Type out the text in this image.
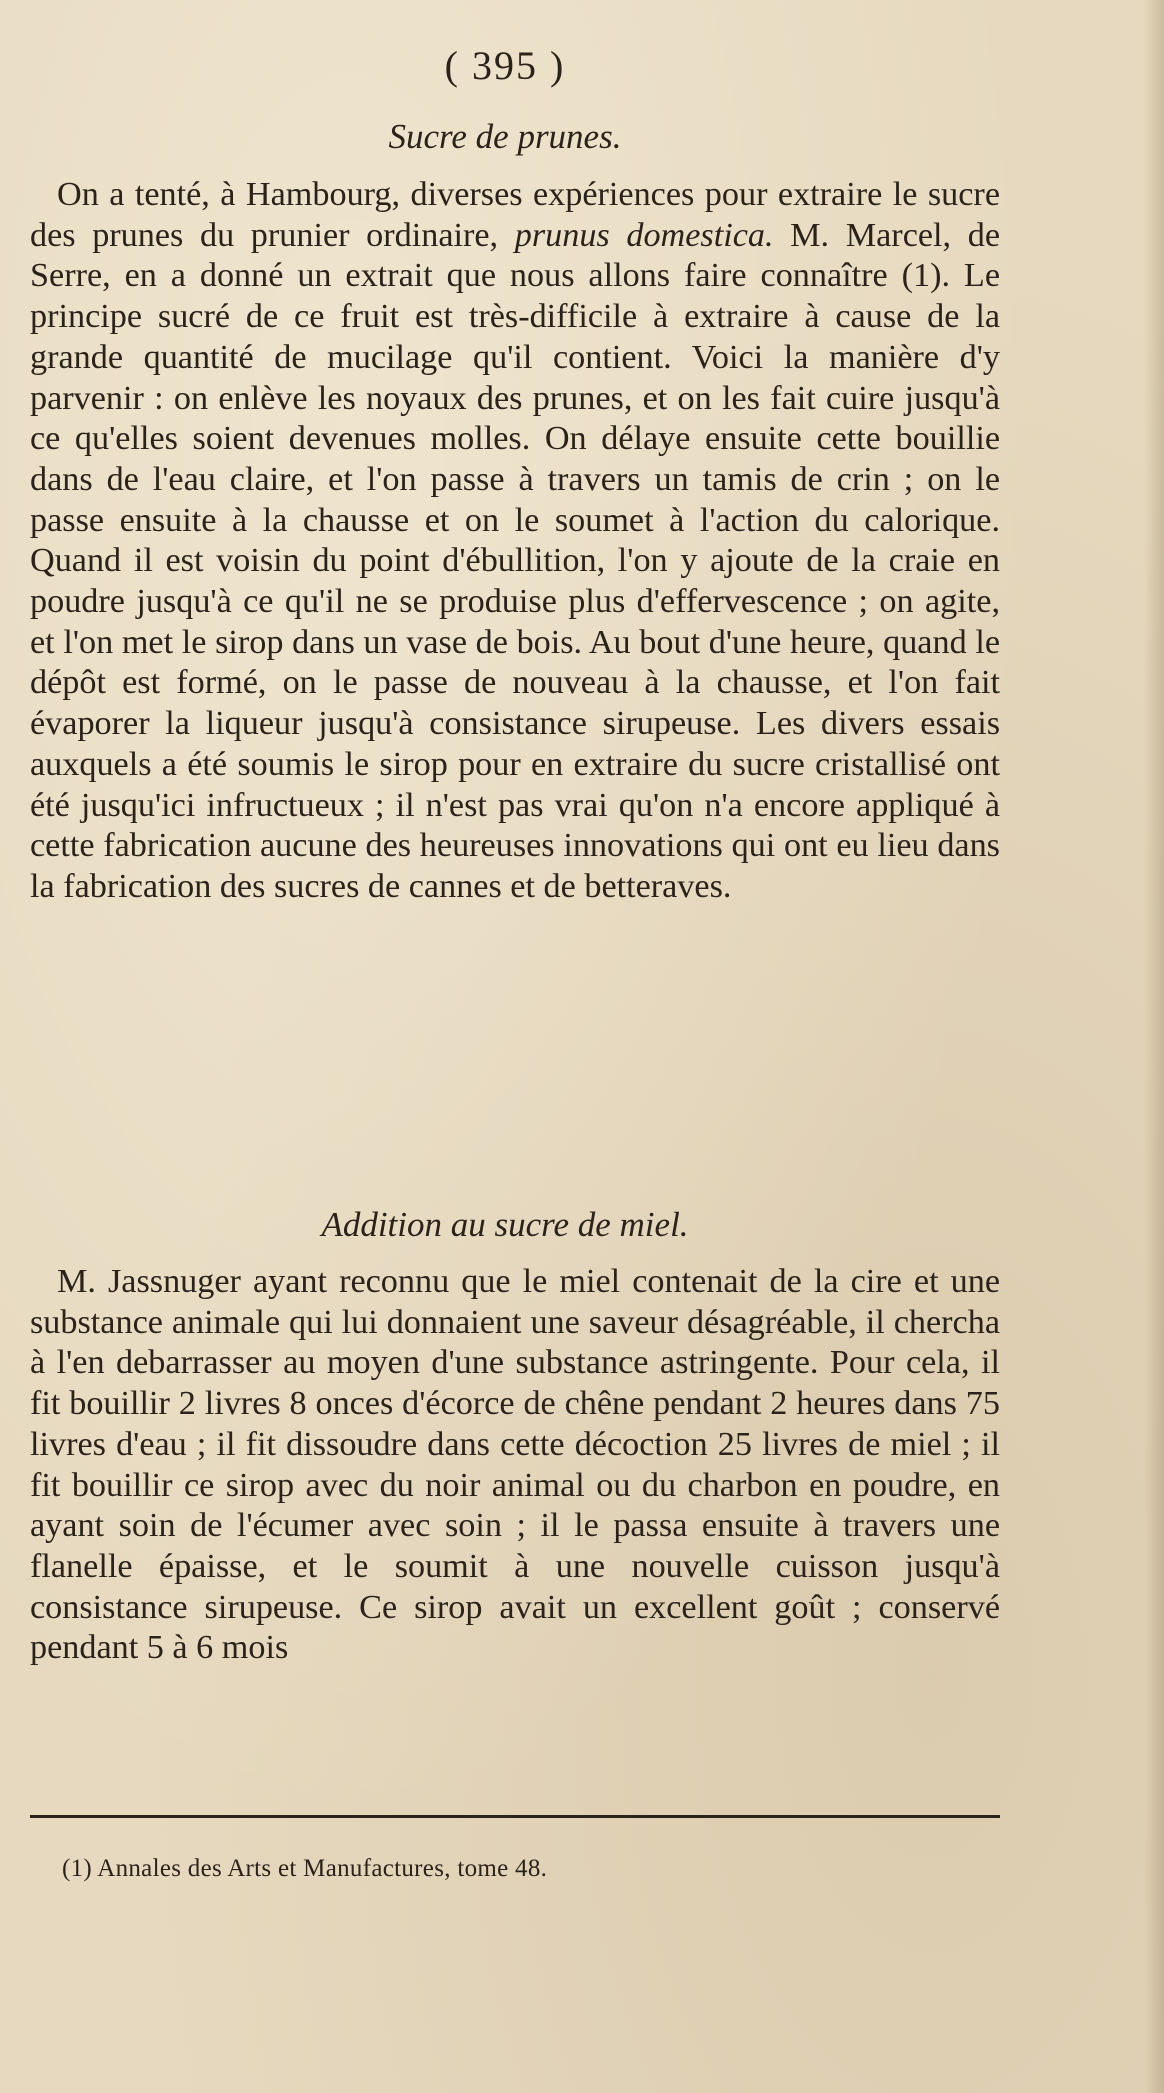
( 395 )
Sucre de prunes.

On a tenté, à Hambourg, diverses expériences pour extraire le sucre des prunes du prunier ordinaire, prunus domestica. M. Marcel, de Serre, en a donné un extrait que nous allons faire connaître (1). Le principe sucré de ce fruit est très-difficile à extraire à cause de la grande quantité de mucilage qu'il contient. Voici la manière d'y parvenir : on enlève les noyaux des prunes, et on les fait cuire jusqu'à ce qu'elles soient devenues molles. On délaye ensuite cette bouillie dans de l'eau claire, et l'on passe à travers un tamis de crin ; on le passe ensuite à la chausse et on le soumet à l'action du calorique. Quand il est voisin du point d'ébullition, l'on y ajoute de la craie en poudre jusqu'à ce qu'il ne se produise plus d'effervescence ; on agite, et l'on met le sirop dans un vase de bois. Au bout d'une heure, quand le dépôt est formé, on le passe de nouveau à la chausse, et l'on fait évaporer la liqueur jusqu'à consistance sirupeuse. Les divers essais auxquels a été soumis le sirop pour en extraire du sucre cristallisé ont été jusqu'ici infructueux ; il n'est pas vrai qu'on n'a encore appliqué à cette fabrication aucune des heureuses innovations qui ont eu lieu dans la fabrication des sucres de cannes et de betteraves.

Addition au sucre de miel.

M. Jassnuger ayant reconnu que le miel contenait de la cire et une substance animale qui lui donnaient une saveur désagréable, il chercha à l'en debarrasser au moyen d'une substance astringente. Pour cela, il fit bouillir 2 livres 8 onces d'écorce de chêne pendant 2 heures dans 75 livres d'eau ; il fit dissoudre dans cette décoction 25 livres de miel ; il fit bouillir ce sirop avec du noir animal ou du charbon en poudre, en ayant soin de l'écumer avec soin ; il le passa ensuite à travers une flanelle épaisse, et le soumit à une nouvelle cuisson jusqu'à consistance sirupeuse. Ce sirop avait un excellent goût ; conservé pendant 5 à 6 mois

(1) Annales des Arts et Manufactures, tome 48.
